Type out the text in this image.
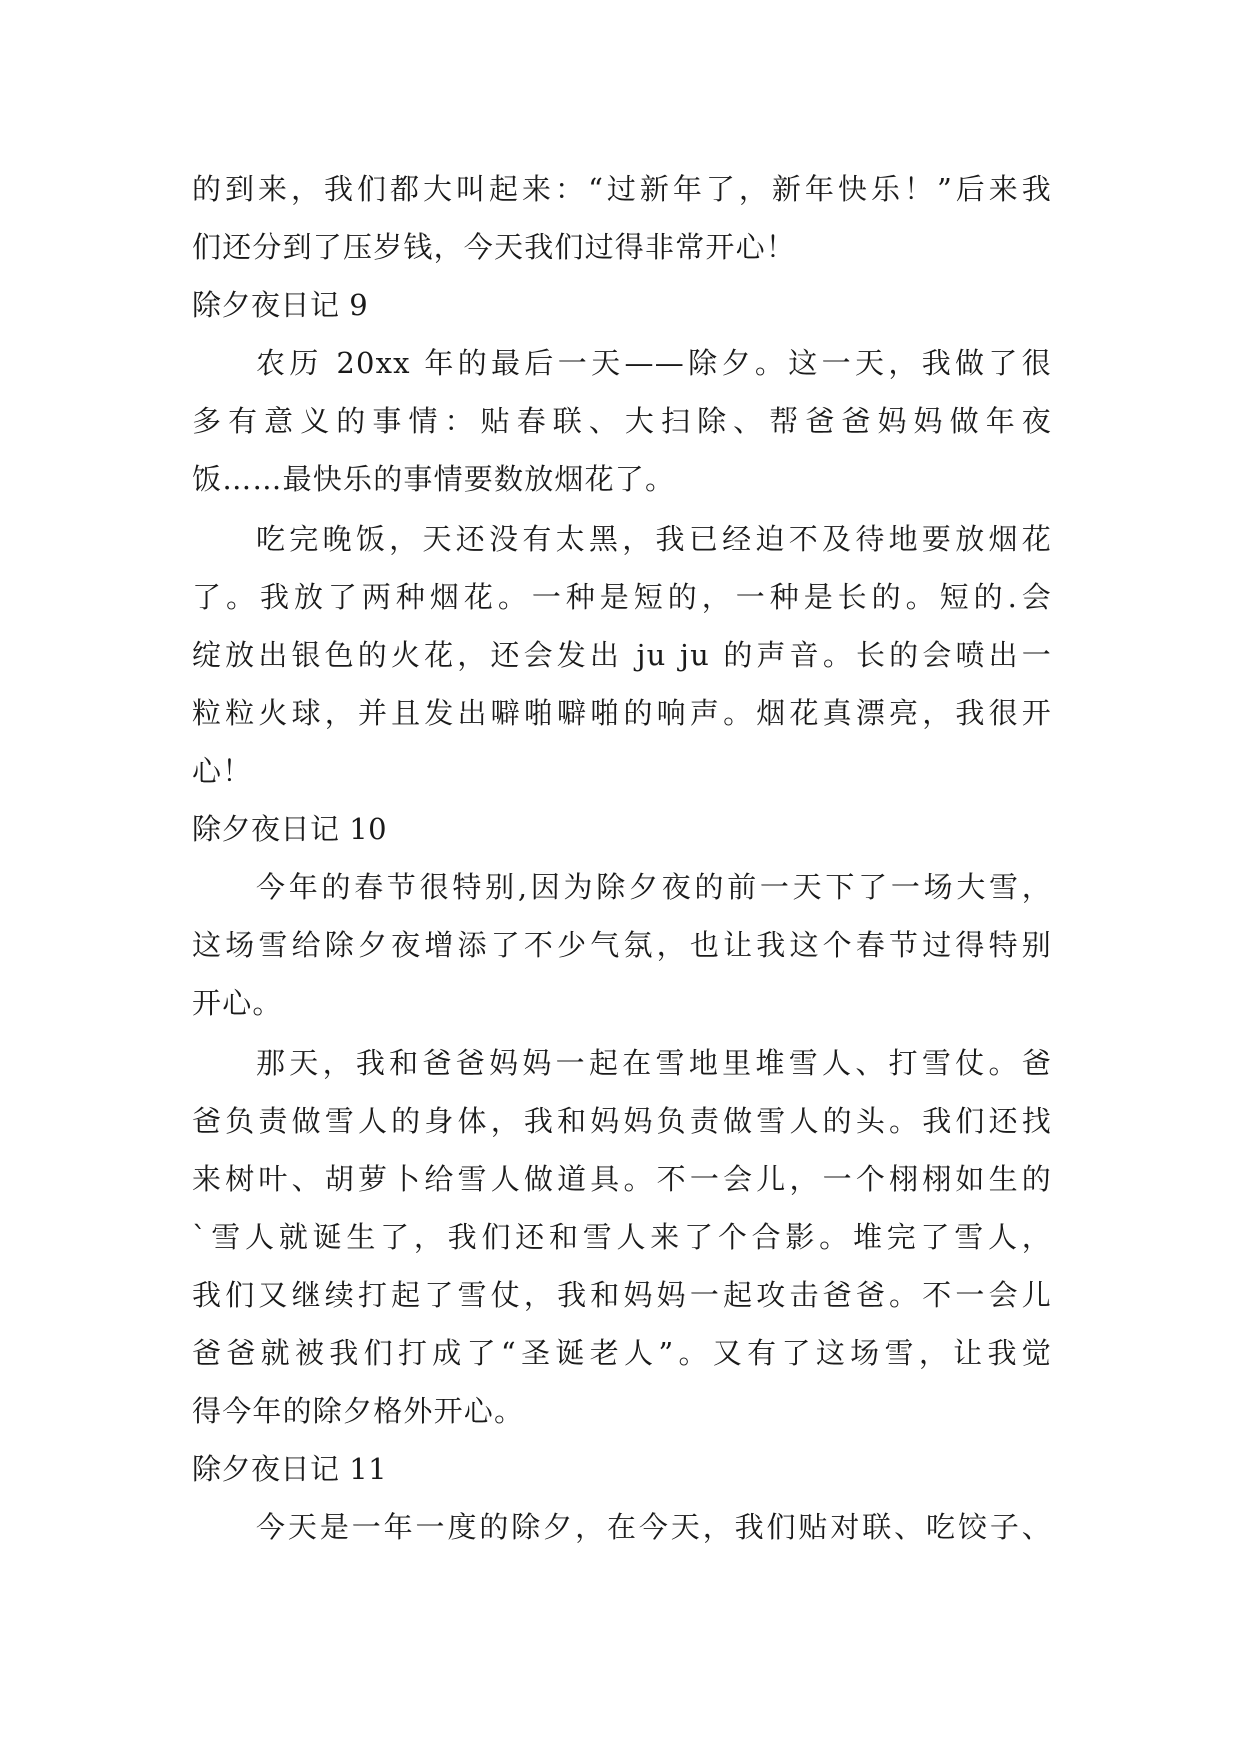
的到来，我们都大叫起来：“过新年了，新年快乐！”后来我
们还分到了压岁钱，今天我们过得非常开心！
除夕夜日记 9
农历 20xx 年的最后一天——除夕。这一天，我做了很
多有意义的事情：贴春联、大扫除、帮爸爸妈妈做年夜
饭……最快乐的事情要数放烟花了。
吃完晚饭，天还没有太黑，我已经迫不及待地要放烟花
了。我放了两种烟花。一种是短的，一种是长的。短的.会
绽放出银色的火花，还会发出 ju ju 的声音。长的会喷出一
粒粒火球，并且发出噼啪噼啪的响声。烟花真漂亮，我很开
心！
除夕夜日记 10
今年的春节很特别,因为除夕夜的前一天下了一场大雪，
这场雪给除夕夜增添了不少气氛，也让我这个春节过得特别
开心。
那天，我和爸爸妈妈一起在雪地里堆雪人、打雪仗。爸
爸负责做雪人的身体，我和妈妈负责做雪人的头。我们还找
来树叶、胡萝卜给雪人做道具。不一会儿，一个栩栩如生的
`雪人就诞生了，我们还和雪人来了个合影。堆完了雪人，
我们又继续打起了雪仗，我和妈妈一起攻击爸爸。不一会儿
爸爸就被我们打成了“圣诞老人”。又有了这场雪，让我觉
得今年的除夕格外开心。
除夕夜日记 11
今天是一年一度的除夕，在今天，我们贴对联、吃饺子、
